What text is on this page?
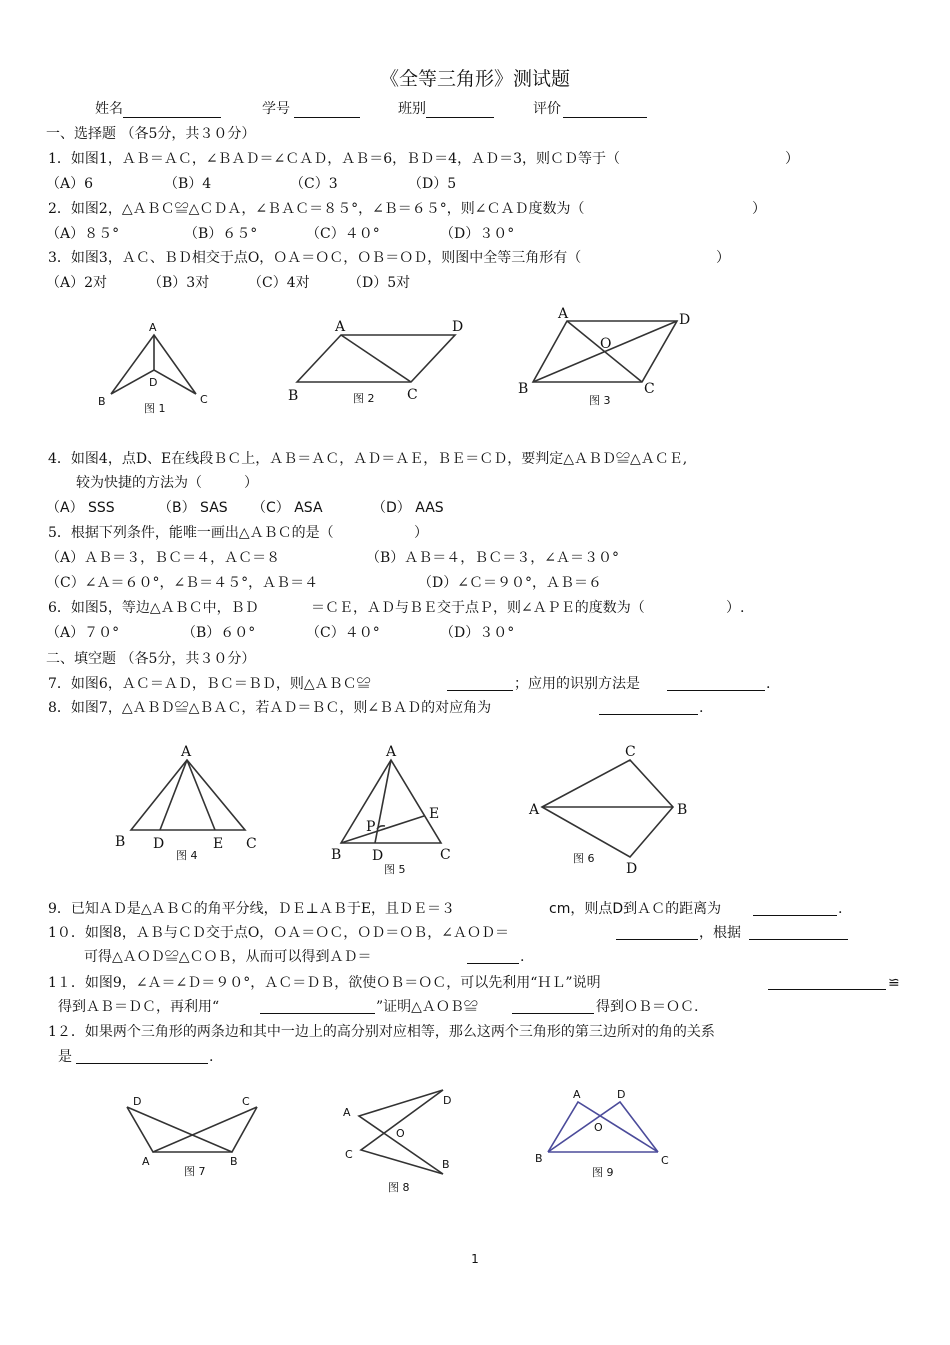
《全等三角形》测试题
姓名	学号	班别	评价
一、选择题 （各5分，共３０分）
1．如图1，ＡＢ＝ＡＣ，∠ＢＡＤ＝∠ＣＡＤ，ＡＢ＝6，ＢＤ＝4，ＡＤ＝3，则ＣＤ等于（	）
（A）6	（B）4	（C）3	（D）5
2．如图2，△ＡＢＣ≌△ＣＤＡ，∠ＢＡＣ＝８５°，∠Ｂ＝６５°，则∠ＣＡＤ度数为（	）
（A）８５°	（B）６５°	（C）４０°	（D）３０°
3．如图3，ＡＣ、ＢＤ相交于点O，ＯＡ＝ＯＣ，ＯＢ＝ＯＤ，则图中全等三角形有（	）
（A）2对	（B）3对	（C）4对	（D）5对
4．如图4，点D、E在线段ＢＣ上，ＡＢ＝ＡＣ，ＡＤ＝ＡＥ，ＢＥ＝ＣＤ，要判定△ＡＢＤ≌△ＡＣＥ,
较为快捷的方法为（	）
（A） SSS	（B） SAS （C） ASA	（D） AAS
5．根据下列条件，能唯一画出△ＡＢＣ的是（	）
（A）ＡＢ＝３，ＢＣ＝４，ＡＣ＝８	（B）ＡＢ＝４，ＢＣ＝３，∠Ａ＝３０°
（C）∠Ａ＝６０°，∠Ｂ＝４５°，ＡＢ＝４	（D）∠Ｃ＝９０°，ＡＢ＝６
6．如图5，等边△ＡＢＣ中，ＢＤ	＝ＣＥ，ＡＤ与ＢＥ交于点Ｐ，则∠ＡＰＥ的度数为（	）.
（A）７０°	（B）６０°	（C）４０°	（D）３０°
二、填空题 （各5分，共３０分）
7．如图6，ＡＣ＝ＡＤ，ＢＣ＝ＢＤ，则△ＡＢＣ≌	；应用的识别方法是	.
8．如图7，△ＡＢＤ≌△ＢＡＣ，若ＡＤ＝ＢＣ，则∠ＢＡＤ的对应角为	.
9．已知ＡＤ是△ＡＢＣ的角平分线，ＤＥ⊥ＡＢ于E，且ＤＥ＝３	cm，则点D到ＡＣ的距离为	.
1０．如图8，ＡＢ与ＣＤ交于点O，ＯＡ＝ＯＣ，ＯＤ＝ＯＢ，∠ＡＯＤ＝	，根据
可得△ＡＯＤ≌△ＣＯＢ，从而可以得到ＡＤ＝	.
1１．如图9，∠Ａ＝∠Ｄ＝９０°，ＡＣ＝ＤＢ，欲使ＯＢ＝ＯＣ，可以先利用“ＨＬ”说明	≌
得到ＡＢ＝ＤＣ，再利用“	”证明△ＡＯＢ≌	得到ＯＢ＝ＯＣ.
1２．如果两个三角形的两条边和其中一边上的高分别对应相等，那么这两个三角形的第三边所对的角的关系
是	.
A
B	C
D
图 1
A	D
B	C
图 2
A	D
O
B	C
图 3
A
B D	E C
图 4
A
E
P
B D	C
图 5
C
A	B
D
图 6
D	C
A	B
图 7
A
D
O
C
B
图 8
A	D
O
B	C
图 9
1
